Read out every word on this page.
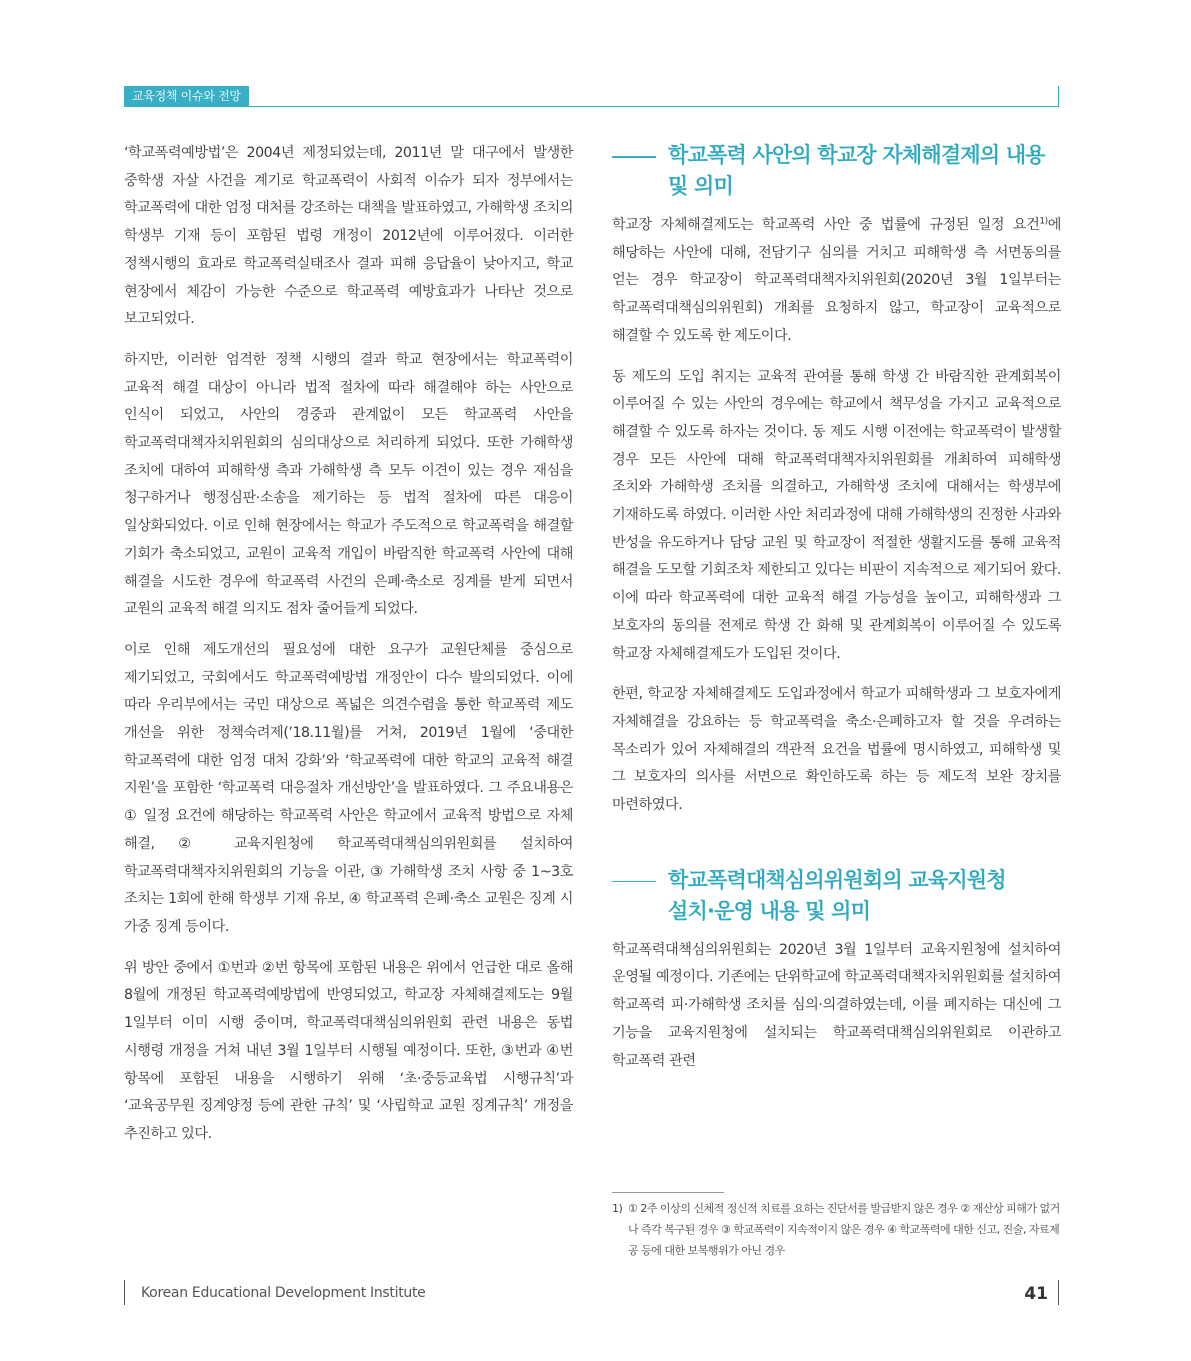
교육정책 이슈와 전망

‘학교폭력예방법’은 2004년 제정되었는데, 2011년 말 대구에서 발생한 중학생 자살 사건을 계기로 학교폭력이 사회적 이슈가 되자 정부에서는 학교폭력에 대한 엄정 대처를 강조하는 대책을 발표하였고, 가해학생 조치의 학생부 기재 등이 포함된 법령 개정이 2012년에 이루어졌다. 이러한 정책시행의 효과로 학교폭력실태조사 결과 피해 응답율이 낮아지고, 학교 현장에서 체감이 가능한 수준으로 학교폭력 예방효과가 나타난 것으로 보고되었다.

하지만, 이러한 엄격한 정책 시행의 결과 학교 현장에서는 학교폭력이 교육적 해결 대상이 아니라 법적 절차에 따라 해결해야 하는 사안으로 인식이 되었고, 사안의 경중과 관계없이 모든 학교폭력 사안을 학교폭력대책자치위원회의 심의대상으로 처리하게 되었다. 또한 가해학생 조치에 대하여 피해학생 측과 가해학생 측 모두 이견이 있는 경우 재심을 청구하거나 행정심판·소송을 제기하는 등 법적 절차에 따른 대응이 일상화되었다. 이로 인해 현장에서는 학교가 주도적으로 학교폭력을 해결할 기회가 축소되었고, 교원이 교육적 개입이 바람직한 학교폭력 사안에 대해 해결을 시도한 경우에 학교폭력 사건의 은폐·축소로 징계를 받게 되면서 교원의 교육적 해결 의지도 점차 줄어들게 되었다.

이로 인해 제도개선의 필요성에 대한 요구가 교원단체를 중심으로 제기되었고, 국회에서도 학교폭력예방법 개정안이 다수 발의되었다. 이에 따라 우리부에서는 국민 대상으로 폭넓은 의견수렴을 통한 학교폭력 제도 개선을 위한 정책숙려제(’18.11월)를 거쳐, 2019년 1월에 ‘중대한 학교폭력에 대한 엄정 대처 강화’와 ‘학교폭력에 대한 학교의 교육적 해결 지원’을 포함한 ‘학교폭력 대응절차 개선방안’을 발표하였다. 그 주요내용은 ① 일정 요건에 해당하는 학교폭력 사안은 학교에서 교육적 방법으로 자체 해결, ② 교육지원청에 학교폭력대책심의위원회를 설치하여 학교폭력대책자치위원회의 기능을 이관, ③ 가해학생 조치 사항 중 1~3호 조치는 1회에 한해 학생부 기재 유보, ④ 학교폭력 은폐·축소 교원은 징계 시 가중 징계 등이다.

위 방안 중에서 ①번과 ②번 항목에 포함된 내용은 위에서 언급한 대로 올해 8월에 개정된 학교폭력예방법에 반영되었고, 학교장 자체해결제도는 9월 1일부터 이미 시행 중이며, 학교폭력대책심의위원회 관련 내용은 동법 시행령 개정을 거쳐 내년 3월 1일부터 시행될 예정이다. 또한, ③번과 ④번 항목에 포함된 내용을 시행하기 위해 ‘초·중등교육법 시행규칙’과 ‘교육공무원 징계양정 등에 관한 규칙’ 및 ‘사립학교 교원 징계규칙’ 개정을 추진하고 있다.

학교폭력 사안의 학교장 자체해결제의 내용
및 의미

학교장 자체해결제도는 학교폭력 사안 중 법률에 규정된 일정 요건$^{1)}$에 해당하는 사안에 대해, 전담기구 심의를 거치고 피해학생 측 서면동의를 얻는 경우 학교장이 학교폭력대책자치위원회(2020년 3월 1일부터는 학교폭력대책심의위원회) 개최를 요청하지 않고, 학교장이 교육적으로 해결할 수 있도록 한 제도이다.

동 제도의 도입 취지는 교육적 관여를 통해 학생 간 바람직한 관계회복이 이루어질 수 있는 사안의 경우에는 학교에서 책무성을 가지고 교육적으로 해결할 수 있도록 하자는 것이다. 동 제도 시행 이전에는 학교폭력이 발생할 경우 모든 사안에 대해 학교폭력대책자치위원회를 개최하여 피해학생 조치와 가해학생 조치를 의결하고, 가해학생 조치에 대해서는 학생부에 기재하도록 하였다. 이러한 사안 처리과정에 대해 가해학생의 진정한 사과와 반성을 유도하거나 담당 교원 및 학교장이 적절한 생활지도를 통해 교육적 해결을 도모할 기회조차 제한되고 있다는 비판이 지속적으로 제기되어 왔다. 이에 따라 학교폭력에 대한 교육적 해결 가능성을 높이고, 피해학생과 그 보호자의 동의를 전제로 학생 간 화해 및 관계회복이 이루어질 수 있도록 학교장 자체해결제도가 도입된 것이다.

한편, 학교장 자체해결제도 도입과정에서 학교가 피해학생과 그 보호자에게 자체해결을 강요하는 등 학교폭력을 축소·은폐하고자 할 것을 우려하는 목소리가 있어 자체해결의 객관적 요건을 법률에 명시하였고, 피해학생 및 그 보호자의 의사를 서면으로 확인하도록 하는 등 제도적 보완 장치를 마련하였다.

학교폭력대책심의위원회의 교육지원청
설치·운영 내용 및 의미

학교폭력대책심의위원회는 2020년 3월 1일부터 교육지원청에 설치하여 운영될 예정이다. 기존에는 단위학교에 학교폭력대책자치위원회를 설치하여 학교폭력 피·가해학생 조치를 심의·의결하였는데, 이를 폐지하는 대신에 그 기능을 교육지원청에 설치되는 학교폭력대책심의위원회로 이관하고 학교폭력 관련

1) ① 2주 이상의 신체적 정신적 치료를 요하는 진단서를 발급받지 않은 경우 ② 재산상 피해가 없거나 즉각 복구된 경우 ③ 학교폭력이 지속적이지 않은 경우 ④ 학교폭력에 대한 신고, 진술, 자료제공 등에 대한 보복행위가 아닌 경우
Korean Educational Development Institute	41
